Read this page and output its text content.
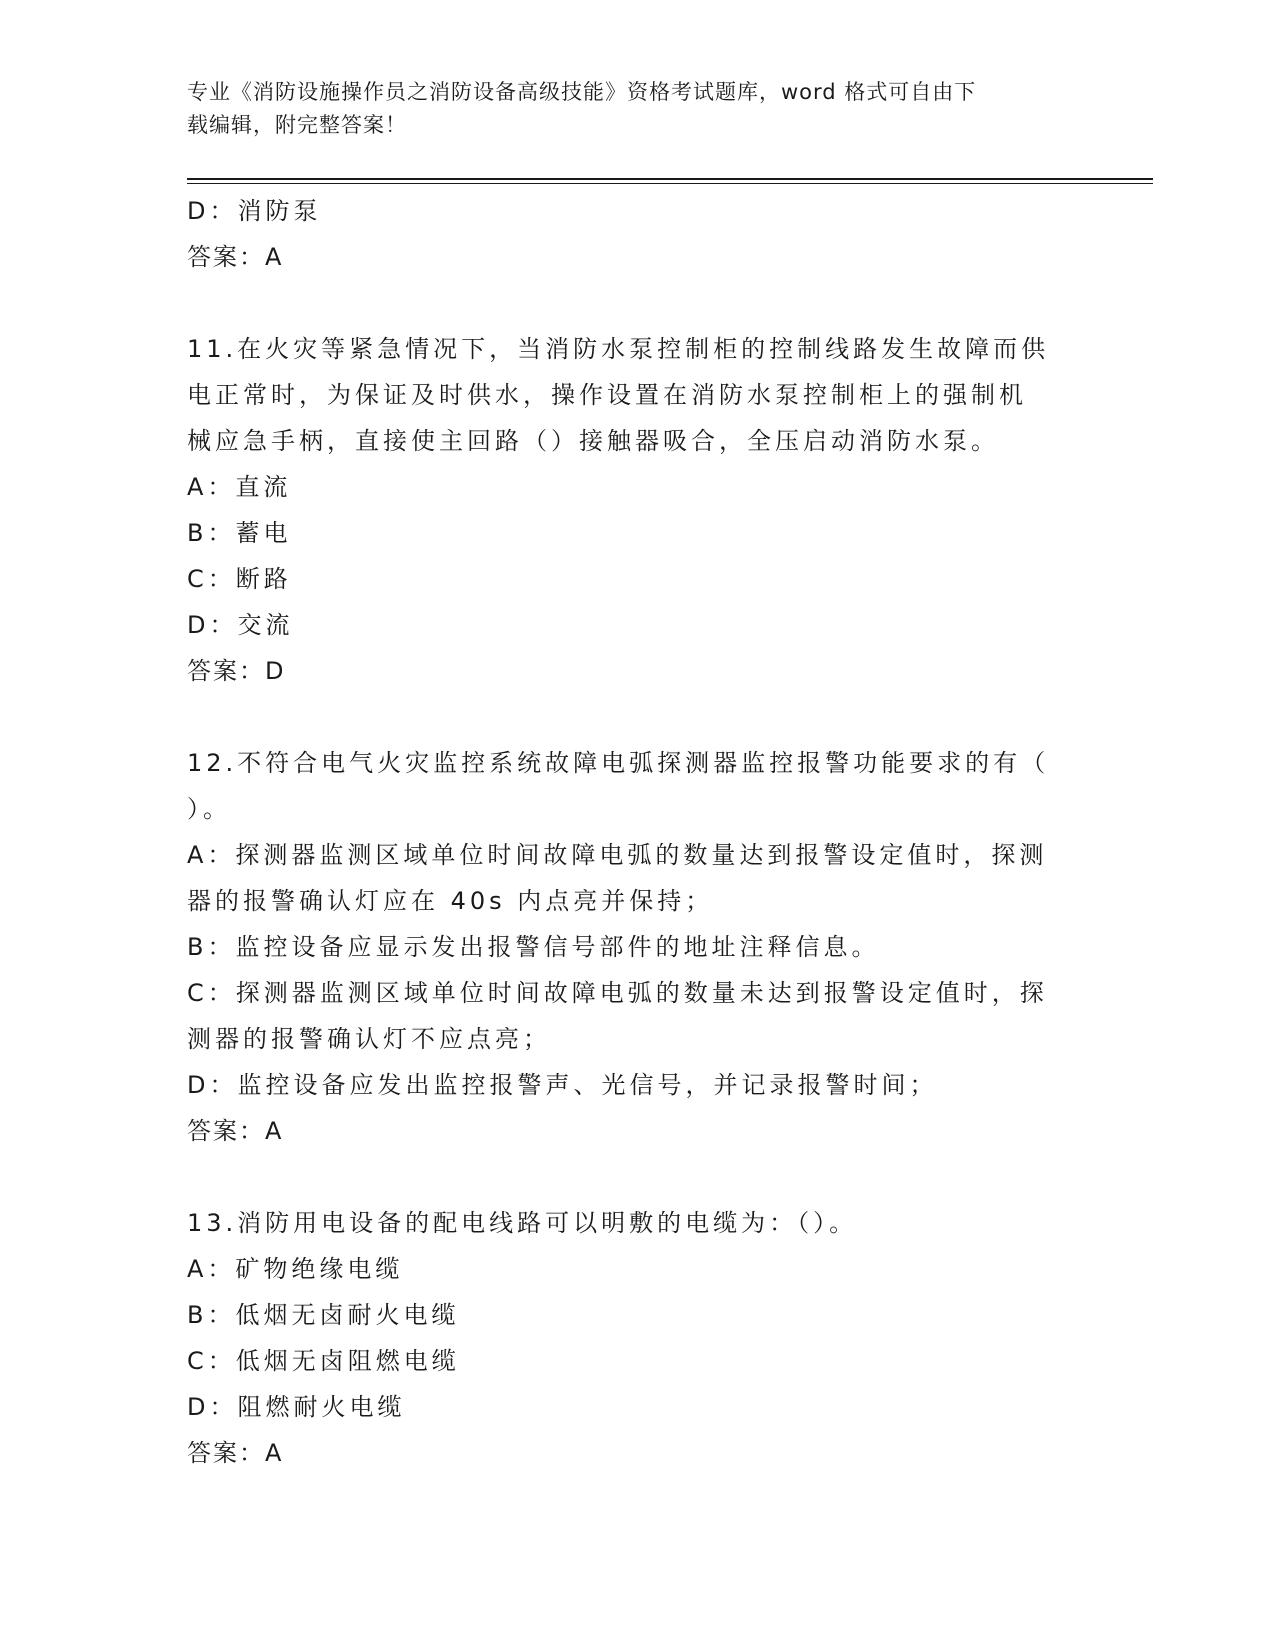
专业《消防设施操作员之消防设备高级技能》资格考试题库，word 格式可自由下
载编辑，附完整答案！
D：消防泵
答案：A
11.在火灾等紧急情况下，当消防水泵控制柜的控制线路发生故障而供
电正常时，为保证及时供水，操作设置在消防水泵控制柜上的强制机
械应急手柄，直接使主回路（）接触器吸合，全压启动消防水泵。
A：直流
B：蓄电
C：断路
D：交流
答案：D
12.不符合电气火灾监控系统故障电弧探测器监控报警功能要求的有（
）。
A：探测器监测区域单位时间故障电弧的数量达到报警设定值时，探测
器的报警确认灯应在 40s 内点亮并保持；
B：监控设备应显示发出报警信号部件的地址注释信息。
C：探测器监测区域单位时间故障电弧的数量未达到报警设定值时，探
测器的报警确认灯不应点亮；
D：监控设备应发出监控报警声、光信号，并记录报警时间；
答案：A
13.消防用电设备的配电线路可以明敷的电缆为：（）。
A：矿物绝缘电缆
B：低烟无卤耐火电缆
C：低烟无卤阻燃电缆
D：阻燃耐火电缆
答案：A
